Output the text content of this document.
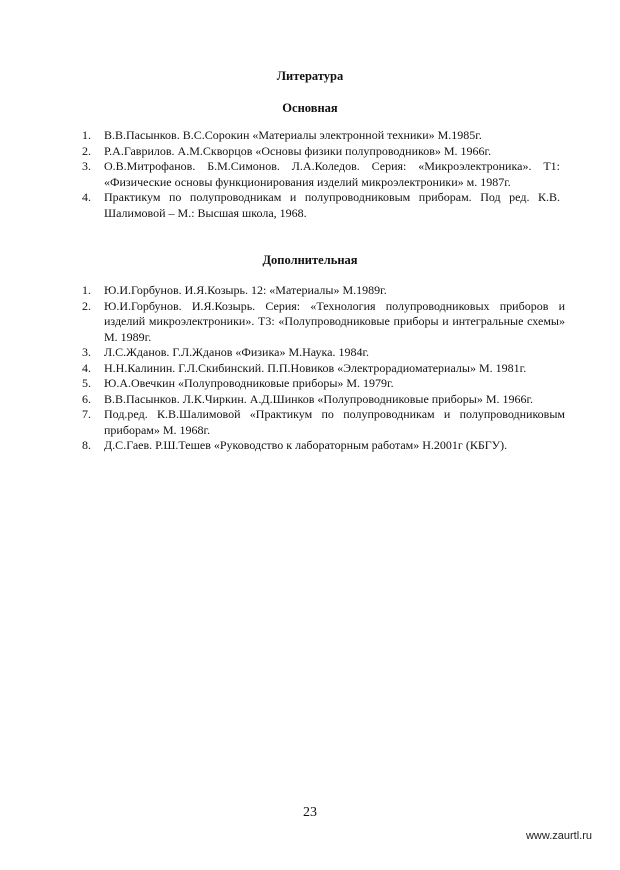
Литература
Основная
1. В.В.Пасынков. В.С.Сорокин «Материалы электронной техники» М.1985г.
2. Р.А.Гаврилов. А.М.Скворцов «Основы физики полупроводников» М. 1966г.
3. О.В.Митрофанов. Б.М.Симонов. Л.А.Коледов. Серия: «Микроэлектроника». Т1: «Физические основы функционирования изделий микроэлектроники» м. 1987г.
4. Практикум по полупроводникам и полупроводниковым приборам. Под ред. К.В. Шалимовой – М.: Высшая школа, 1968.
Дополнительная
1. Ю.И.Горбунов. И.Я.Козырь. 12: «Материалы» М.1989г.
2. Ю.И.Горбунов. И.Я.Козырь. Серия: «Технология полупроводниковых приборов и изделий микроэлектроники». Т3: «Полупроводниковые приборы и интегральные схемы» М. 1989г.
3. Л.С.Жданов. Г.Л.Жданов «Физика» М.Наука. 1984г.
4. Н.Н.Калинин. Г.Л.Скибинский. П.П.Новиков «Электрорадиоматериалы» М. 1981г.
5. Ю.А.Овечкин «Полупроводниковые приборы» М. 1979г.
6. В.В.Пасынков. Л.К.Чиркин. А.Д.Шинков «Полупроводниковые приборы» М. 1966г.
7. Под.ред. К.В.Шалимовой «Практикум по полупроводникам и полупроводниковым приборам» М. 1968г.
8. Д.С.Гаев. Р.Ш.Тешев «Руководство к лабораторным работам» Н.2001г (КБГУ).
23
www.zaurtl.ru
